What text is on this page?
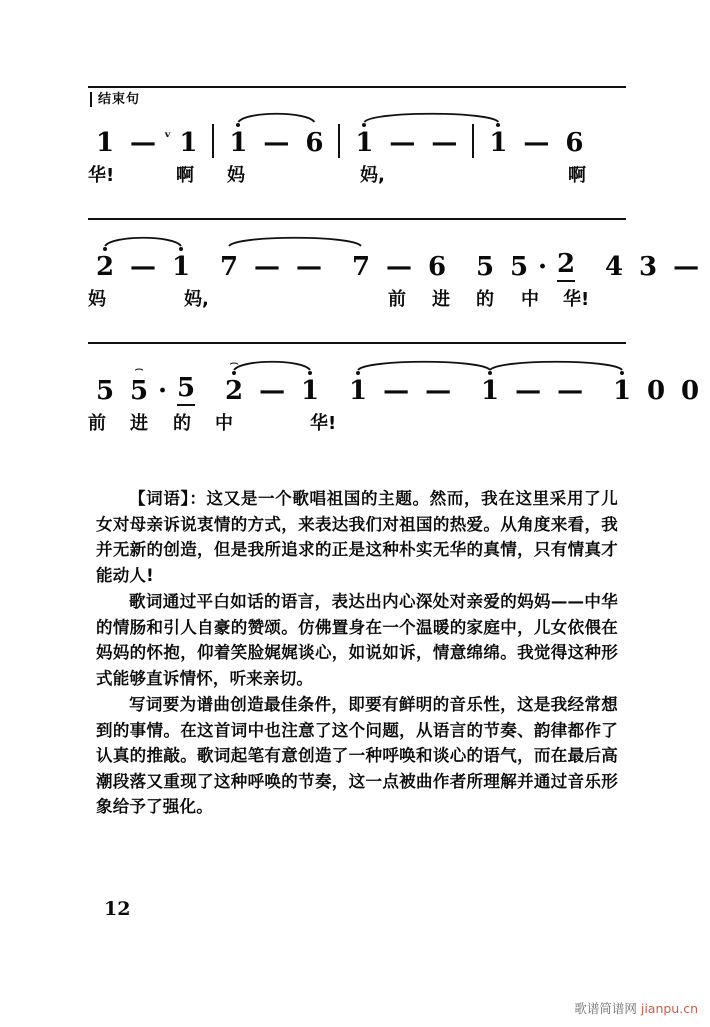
结束句
1 — ᵛ 1	1 — 6	1 — —	1 — 6
华!	啊 妈	妈,	啊
2 — 1	7 — —	7 — 6	5 5 · 2	4 3 —
妈	妈,	前 进 的 中 华!
5
⌢
5 · 5
⌢
2 — 1	1 — —	1 — —	1 0 0
前 进 的 中	华!

【词语】：这又是一个歌唱祖国的主题。然而，我在这里采用了儿女对母亲诉说衷情的方式，来表达我们对祖国的热爱。从角度来看，我并无新的创造，但是我所追求的正是这种朴实无华的真情，只有情真才能动人!

歌词通过平白如话的语言，表达出内心深处对亲爱的妈妈——中华的情肠和引人自豪的赞颂。仿佛置身在一个温暖的家庭中，儿女依偎在妈妈的怀抱，仰着笑脸娓娓谈心，如说如诉，情意绵绵。我觉得这种形式能够直诉情怀，听来亲切。

写词要为谱曲创造最佳条件，即要有鲜明的音乐性，这是我经常想到的事情。在这首词中也注意了这个问题，从语言的节奏、韵律都作了认真的推敲。歌词起笔有意创造了一种呼唤和谈心的语气，而在最后高潮段落又重现了这种呼唤的节奏，这一点被曲作者所理解并通过音乐形象给予了强化。

12
歌谱简谱网 jianpu.cn
